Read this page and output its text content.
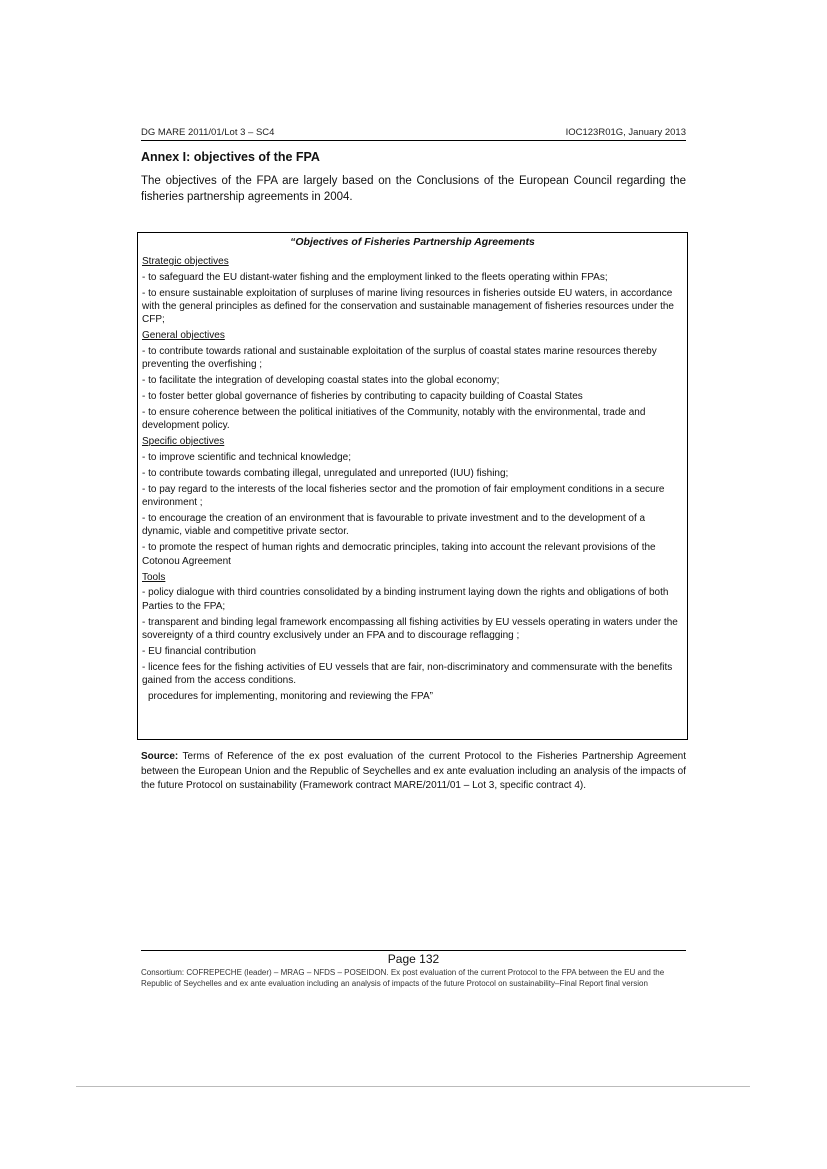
DG MARE 2011/01/Lot 3 – SC4	IOC123R01G, January 2013
Annex I: objectives of the FPA
The objectives of the FPA are largely based on the Conclusions of the European Council regarding the fisheries partnership agreements in 2004.
“Objectives of Fisheries Partnership Agreements

Strategic objectives

- to safeguard the EU distant-water fishing and the employment linked to the fleets operating within FPAs;

- to ensure sustainable exploitation of surpluses of marine living resources in fisheries outside EU waters, in accordance with the general principles as defined for the conservation and sustainable management of fisheries resources under the CFP;

General objectives

- to contribute towards rational and sustainable exploitation of the surplus of coastal states marine resources thereby preventing the overfishing ;

- to facilitate the integration of developing coastal states into the global economy;

- to foster better global governance of fisheries by contributing to capacity building of Coastal States

- to ensure coherence between the political initiatives of the Community, notably with the environmental, trade and development policy.

Specific objectives

- to improve scientific and technical knowledge;

- to contribute towards combating illegal, unregulated and unreported (IUU) fishing;

- to pay regard to the interests of the local fisheries sector and the promotion of fair employment conditions in a secure environment ;

- to encourage the creation of an environment that is favourable to private investment and to the development of a dynamic, viable and competitive private sector.

- to promote the respect of human rights and democratic principles, taking into account the relevant provisions of the Cotonou Agreement

Tools

- policy dialogue with third countries consolidated by a binding instrument laying down the rights and obligations of both Parties to the FPA;

- transparent and binding legal framework encompassing all fishing activities by EU vessels operating in waters under the sovereignty of a third country exclusively under an FPA and to discourage reflagging ;

- EU financial contribution

- licence fees for the fishing activities of EU vessels that are fair, non-discriminatory and commensurate with the benefits gained from the access conditions.

procedures for implementing, monitoring and reviewing the FPA”

Source: Terms of Reference of the ex post evaluation of the current Protocol to the Fisheries Partnership Agreement between the European Union and the Republic of Seychelles and ex ante evaluation including an analysis of the impacts of the future Protocol on sustainability (Framework contract MARE/2011/01 – Lot 3, specific contract 4).
Page 132
Consortium: COFREPECHE (leader) – MRAG – NFDS – POSEIDON. Ex post evaluation of the current Protocol to the FPA between the EU and the Republic of Seychelles and ex ante evaluation including an analysis of impacts of the future Protocol on sustainability–Final Report final version
